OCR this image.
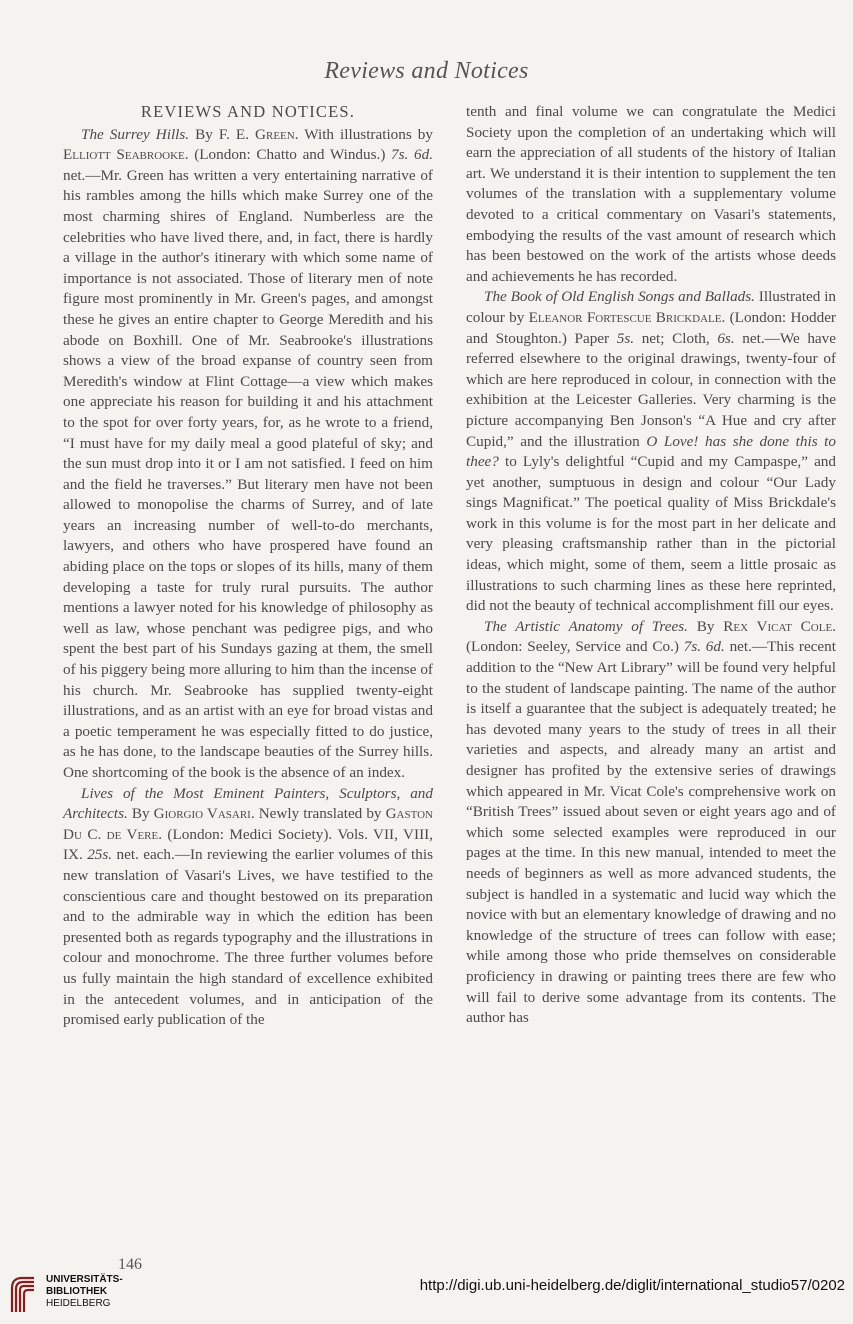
Reviews and Notices
REVIEWS AND NOTICES.

The Surrey Hills. By F. E. Green. With illustrations by Elliott Seabrooke. (London: Chatto and Windus.) 7s. 6d. net.—Mr. Green has written a very entertaining narrative of his rambles among the hills which make Surrey one of the most charming shires of England. Numberless are the celebrities who have lived there, and, in fact, there is hardly a village in the author's itinerary with which some name of importance is not associated. Those of literary men of note figure most prominently in Mr. Green's pages, and amongst these he gives an entire chapter to George Meredith and his abode on Boxhill. One of Mr. Seabrooke's illustrations shows a view of the broad expanse of country seen from Meredith's window at Flint Cottage—a view which makes one appreciate his reason for building it and his attachment to the spot for over forty years, for, as he wrote to a friend, “I must have for my daily meal a good plateful of sky; and the sun must drop into it or I am not satisfied. I feed on him and the field he traverses.” But literary men have not been allowed to monopolise the charms of Surrey, and of late years an increasing number of well-to-do merchants, lawyers, and others who have prospered have found an abiding place on the tops or slopes of its hills, many of them developing a taste for truly rural pursuits. The author mentions a lawyer noted for his knowledge of philosophy as well as law, whose penchant was pedigree pigs, and who spent the best part of his Sundays gazing at them, the smell of his piggery being more alluring to him than the incense of his church. Mr. Seabrooke has supplied twenty-eight illustrations, and as an artist with an eye for broad vistas and a poetic temperament he was especially fitted to do justice, as he has done, to the landscape beauties of the Surrey hills. One shortcoming of the book is the absence of an index.

Lives of the Most Eminent Painters, Sculptors, and Architects. By Giorgio Vasari. Newly translated by Gaston Du C. de Vere. (London: Medici Society). Vols. VII, VIII, IX. 25s. net. each.—In reviewing the earlier volumes of this new translation of Vasari's Lives, we have testified to the conscientious care and thought bestowed on its preparation and to the admirable way in which the edition has been presented both as regards typography and the illustrations in colour and monochrome. The three further volumes before us fully maintain the high standard of excellence exhibited in the antecedent volumes, and in anticipation of the promised early publication of the

tenth and final volume we can congratulate the Medici Society upon the completion of an undertaking which will earn the appreciation of all students of the history of Italian art. We understand it is their intention to supplement the ten volumes of the translation with a supplementary volume devoted to a critical commentary on Vasari's statements, embodying the results of the vast amount of research which has been bestowed on the work of the artists whose deeds and achievements he has recorded.

The Book of Old English Songs and Ballads. Illustrated in colour by Eleanor Fortescue Brickdale. (London: Hodder and Stoughton.) Paper 5s. net; Cloth, 6s. net.—We have referred elsewhere to the original drawings, twenty-four of which are here reproduced in colour, in connection with the exhibition at the Leicester Galleries. Very charming is the picture accompanying Ben Jonson's “A Hue and cry after Cupid,” and the illustration O Love! has she done this to thee? to Lyly's delightful “Cupid and my Campaspe,” and yet another, sumptuous in design and colour “Our Lady sings Magnificat.” The poetical quality of Miss Brickdale's work in this volume is for the most part in her delicate and very pleasing craftsmanship rather than in the pictorial ideas, which might, some of them, seem a little prosaic as illustrations to such charming lines as these here reprinted, did not the beauty of technical accomplishment fill our eyes.

The Artistic Anatomy of Trees. By Rex Vicat Cole. (London: Seeley, Service and Co.) 7s. 6d. net.—This recent addition to the “New Art Library” will be found very helpful to the student of landscape painting. The name of the author is itself a guarantee that the subject is adequately treated; he has devoted many years to the study of trees in all their varieties and aspects, and already many an artist and designer has profited by the extensive series of drawings which appeared in Mr. Vicat Cole's comprehensive work on “British Trees” issued about seven or eight years ago and of which some selected examples were reproduced in our pages at the time. In this new manual, intended to meet the needs of beginners as well as more advanced students, the subject is handled in a systematic and lucid way which the novice with but an elementary knowledge of drawing and no knowledge of the structure of trees can follow with ease; while among those who pride themselves on considerable proficiency in drawing or painting trees there are few who will fail to derive some advantage from its contents. The author has

146
UNIVERSITÄTS-
BIBLIOTHEK
HEIDELBERG
http://digi.ub.uni-heidelberg.de/diglit/international_studio57/0202
